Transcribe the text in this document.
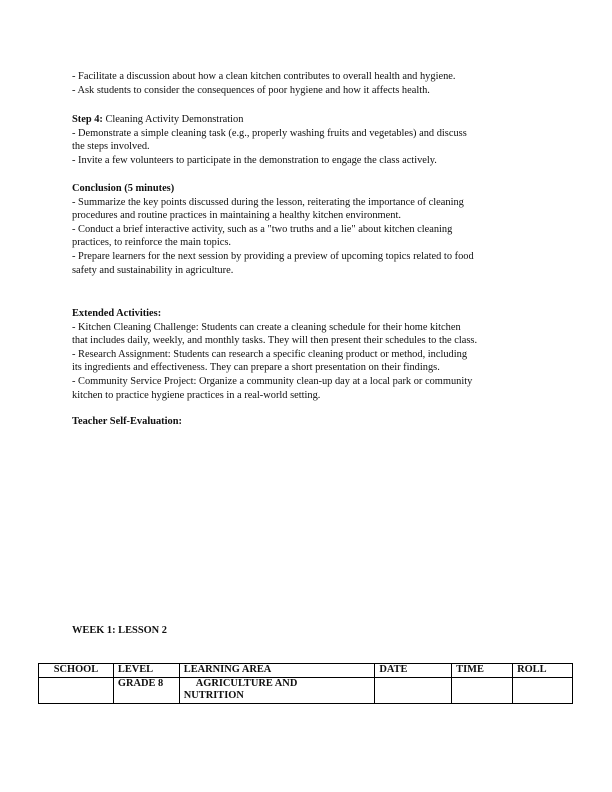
- Facilitate a discussion about how a clean kitchen contributes to overall health and hygiene.
- Ask students to consider the consequences of poor hygiene and how it affects health.
Step 4: Cleaning Activity Demonstration
- Demonstrate a simple cleaning task (e.g., properly washing fruits and vegetables) and discuss
the steps involved.
- Invite a few volunteers to participate in the demonstration to engage the class actively.
Conclusion (5 minutes)
- Summarize the key points discussed during the lesson, reiterating the importance of cleaning
procedures and routine practices in maintaining a healthy kitchen environment.
- Conduct a brief interactive activity, such as a "two truths and a lie" about kitchen cleaning
practices, to reinforce the main topics.
- Prepare learners for the next session by providing a preview of upcoming topics related to food
safety and sustainability in agriculture.
Extended Activities:
- Kitchen Cleaning Challenge: Students can create a cleaning schedule for their home kitchen
that includes daily, weekly, and monthly tasks. They will then present their schedules to the class.
- Research Assignment: Students can research a specific cleaning product or method, including
its ingredients and effectiveness. They can prepare a short presentation on their findings.
- Community Service Project: Organize a community clean-up day at a local park or community
kitchen to practice hygiene practices in a real-world setting.
Teacher Self-Evaluation:
WEEK 1: LESSON 2
SCHOOL	LEVEL	LEARNING AREA	DATE	TIME	ROLL
	GRADE 8	AGRICULTURE AND
NUTRITION			
